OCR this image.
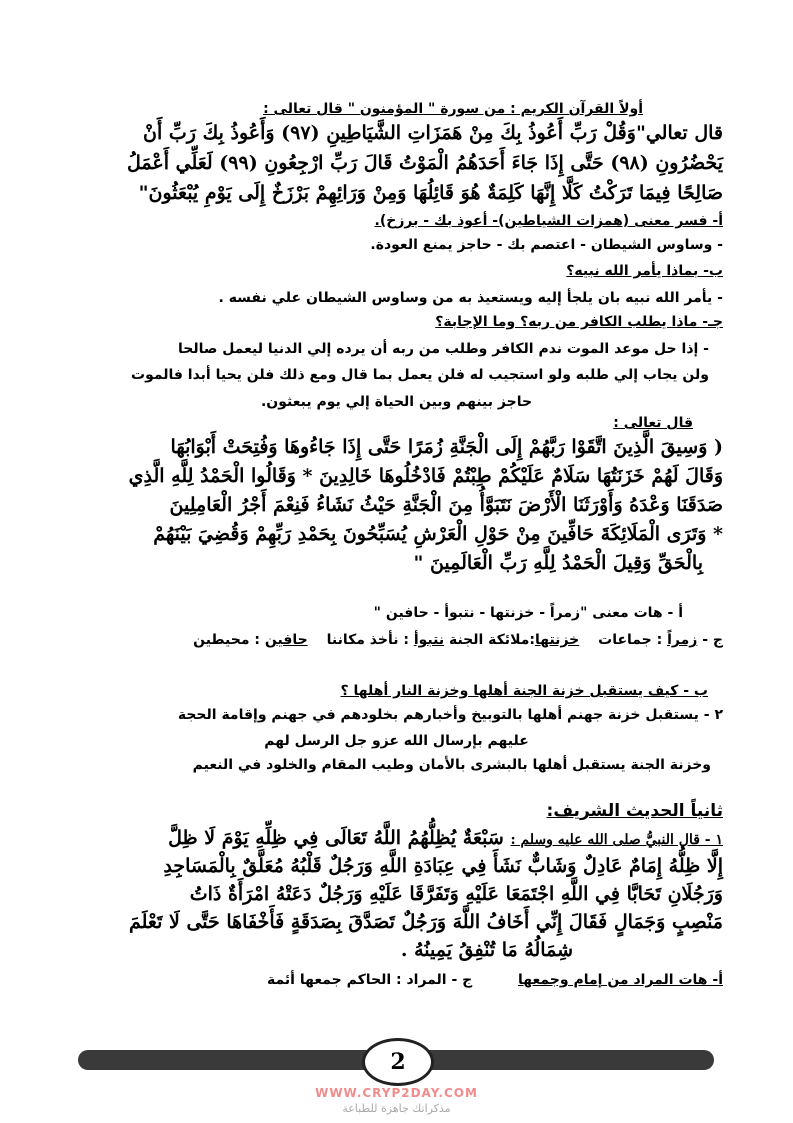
أولاً القرآن الكريم : من سورة " المؤمنون " قال تعالى :
قال تعالي"وَقُلْ رَبِّ أَعُوذُ بِكَ مِنْ هَمَزَاتِ الشَّيَاطِينِ (٩٧) وَأَعُوذُ بِكَ رَبِّ أَنْ
يَحْضُرُونِ (٩٨) حَتَّى إِذَا جَاءَ أَحَدَهُمُ الْمَوْتُ قَالَ رَبِّ ارْجِعُونِ (٩٩) لَعَلِّي أَعْمَلُ
صَالِحًا فِيمَا تَرَكْتُ كَلَّا إِنَّهَا كَلِمَةٌ هُوَ قَائِلُهَا وَمِنْ وَرَائِهِمْ بَرْزَخٌ إِلَى يَوْمِ يُبْعَثُونَ"
أ- فسر معنى (همزات الشياطين)- أعوذ بك - برزخ).
- وساوس الشيطان - اعتصم بك - حاجز يمنع العودة.
ب- بماذا يأمر الله نبيه؟
- يأمر الله نبيه بان يلجأ إليه ويستعيذ به من وساوس الشيطان علي نفسه .
جـ- ماذا يطلب الكافر من ربه؟ وما الإجابة؟
- إذا حل موعد الموت ندم الكافر وطلب من ربه أن يرده إلي الدنيا ليعمل صالحا
ولن يجاب إلي طلبه ولو استجيب له فلن يعمل بما قال ومع ذلك فلن يحيا أبدا فالموت
حاجز بينهم وبين الحياة إلي يوم يبعثون.
قال تعالى :
( وَسِيقَ الَّذِينَ اتَّقَوْا رَبَّهُمْ إِلَى الْجَنَّةِ زُمَرًا حَتَّى إِذَا جَاءُوهَا وَفُتِحَتْ أَبْوَابُهَا
وَقَالَ لَهُمْ خَزَنَتُهَا سَلَامٌ عَلَيْكُمْ طِبْتُمْ فَادْخُلُوهَا خَالِدِينَ * وَقَالُوا الْحَمْدُ لِلَّهِ الَّذِي
صَدَقَنَا وَعْدَهُ وَأَوْرَثَنَا الْأَرْضَ نَتَبَوَّأُ مِنَ الْجَنَّةِ حَيْثُ نَشَاءُ فَنِعْمَ أَجْرُ الْعَامِلِينَ
* وَتَرَى الْمَلَائِكَةَ حَافِّينَ مِنْ حَوْلِ الْعَرْشِ يُسَبِّحُونَ بِحَمْدِ رَبِّهِمْ وَقُضِيَ بَيْنَهُمْ
بِالْحَقِّ وَقِيلَ الْحَمْدُ لِلَّهِ رَبِّ الْعَالَمِينَ "
أ - هات معنى "زمراً - خزنتها - نتبوأ - حافين "
ج - زمراً : جماعات خزنتها:ملائكة الجنة نتبوأ : نأخذ مكاننا حافين : محيطين
ب - كيف يستقبل خزنة الجنة أهلها وخزنة النار أهلها ؟
٢ - يستقبل خزنة جهنم أهلها بالتوبيخ وأخبارهم بخلودهم في جهنم وإقامة الحجة
عليهم بإرسال الله عزو جل الرسل لهم
وخزنة الجنة يستقبل أهلها بالبشرى بالأمان وطيب المقام والخلود في النعيم
ثانياً الحديث الشريف:
١ - قال النبيُّ صلى الله عليه وسلم : سَبْعَةٌ يُظِلُّهُمُ اللَّهُ تَعَالَى فِي ظِلِّهِ يَوْمَ لَا ظِلَّ
إِلَّا ظِلُّهُ إِمَامٌ عَادِلٌ وَشَابٌّ نَشَأَ فِي عِبَادَةِ اللَّهِ وَرَجُلٌ قَلْبُهُ مُعَلَّقٌ بِالْمَسَاجِدِ
وَرَجُلَانِ تَحَابَّا فِي اللَّهِ اجْتَمَعَا عَلَيْهِ وَتَفَرَّقَا عَلَيْهِ وَرَجُلٌ دَعَتْهُ امْرَأَةٌ ذَاتُ
مَنْصِبٍ وَجَمَالٍ فَقَالَ إِنِّي أَخَافُ اللَّهَ وَرَجُلٌ تَصَدَّقَ بِصَدَقَةٍ فَأَخْفَاهَا حَتَّى لَا تَعْلَمَ
شِمَالُهُ مَا تُنْفِقُ يَمِينُهُ .
أ- هات المراد من إمام وجمعها  ج - المراد : الحاكم جمعها أئمة
2
WWW.CRYP2DAY.COM
مذكراتك جاهزة للطباعة
